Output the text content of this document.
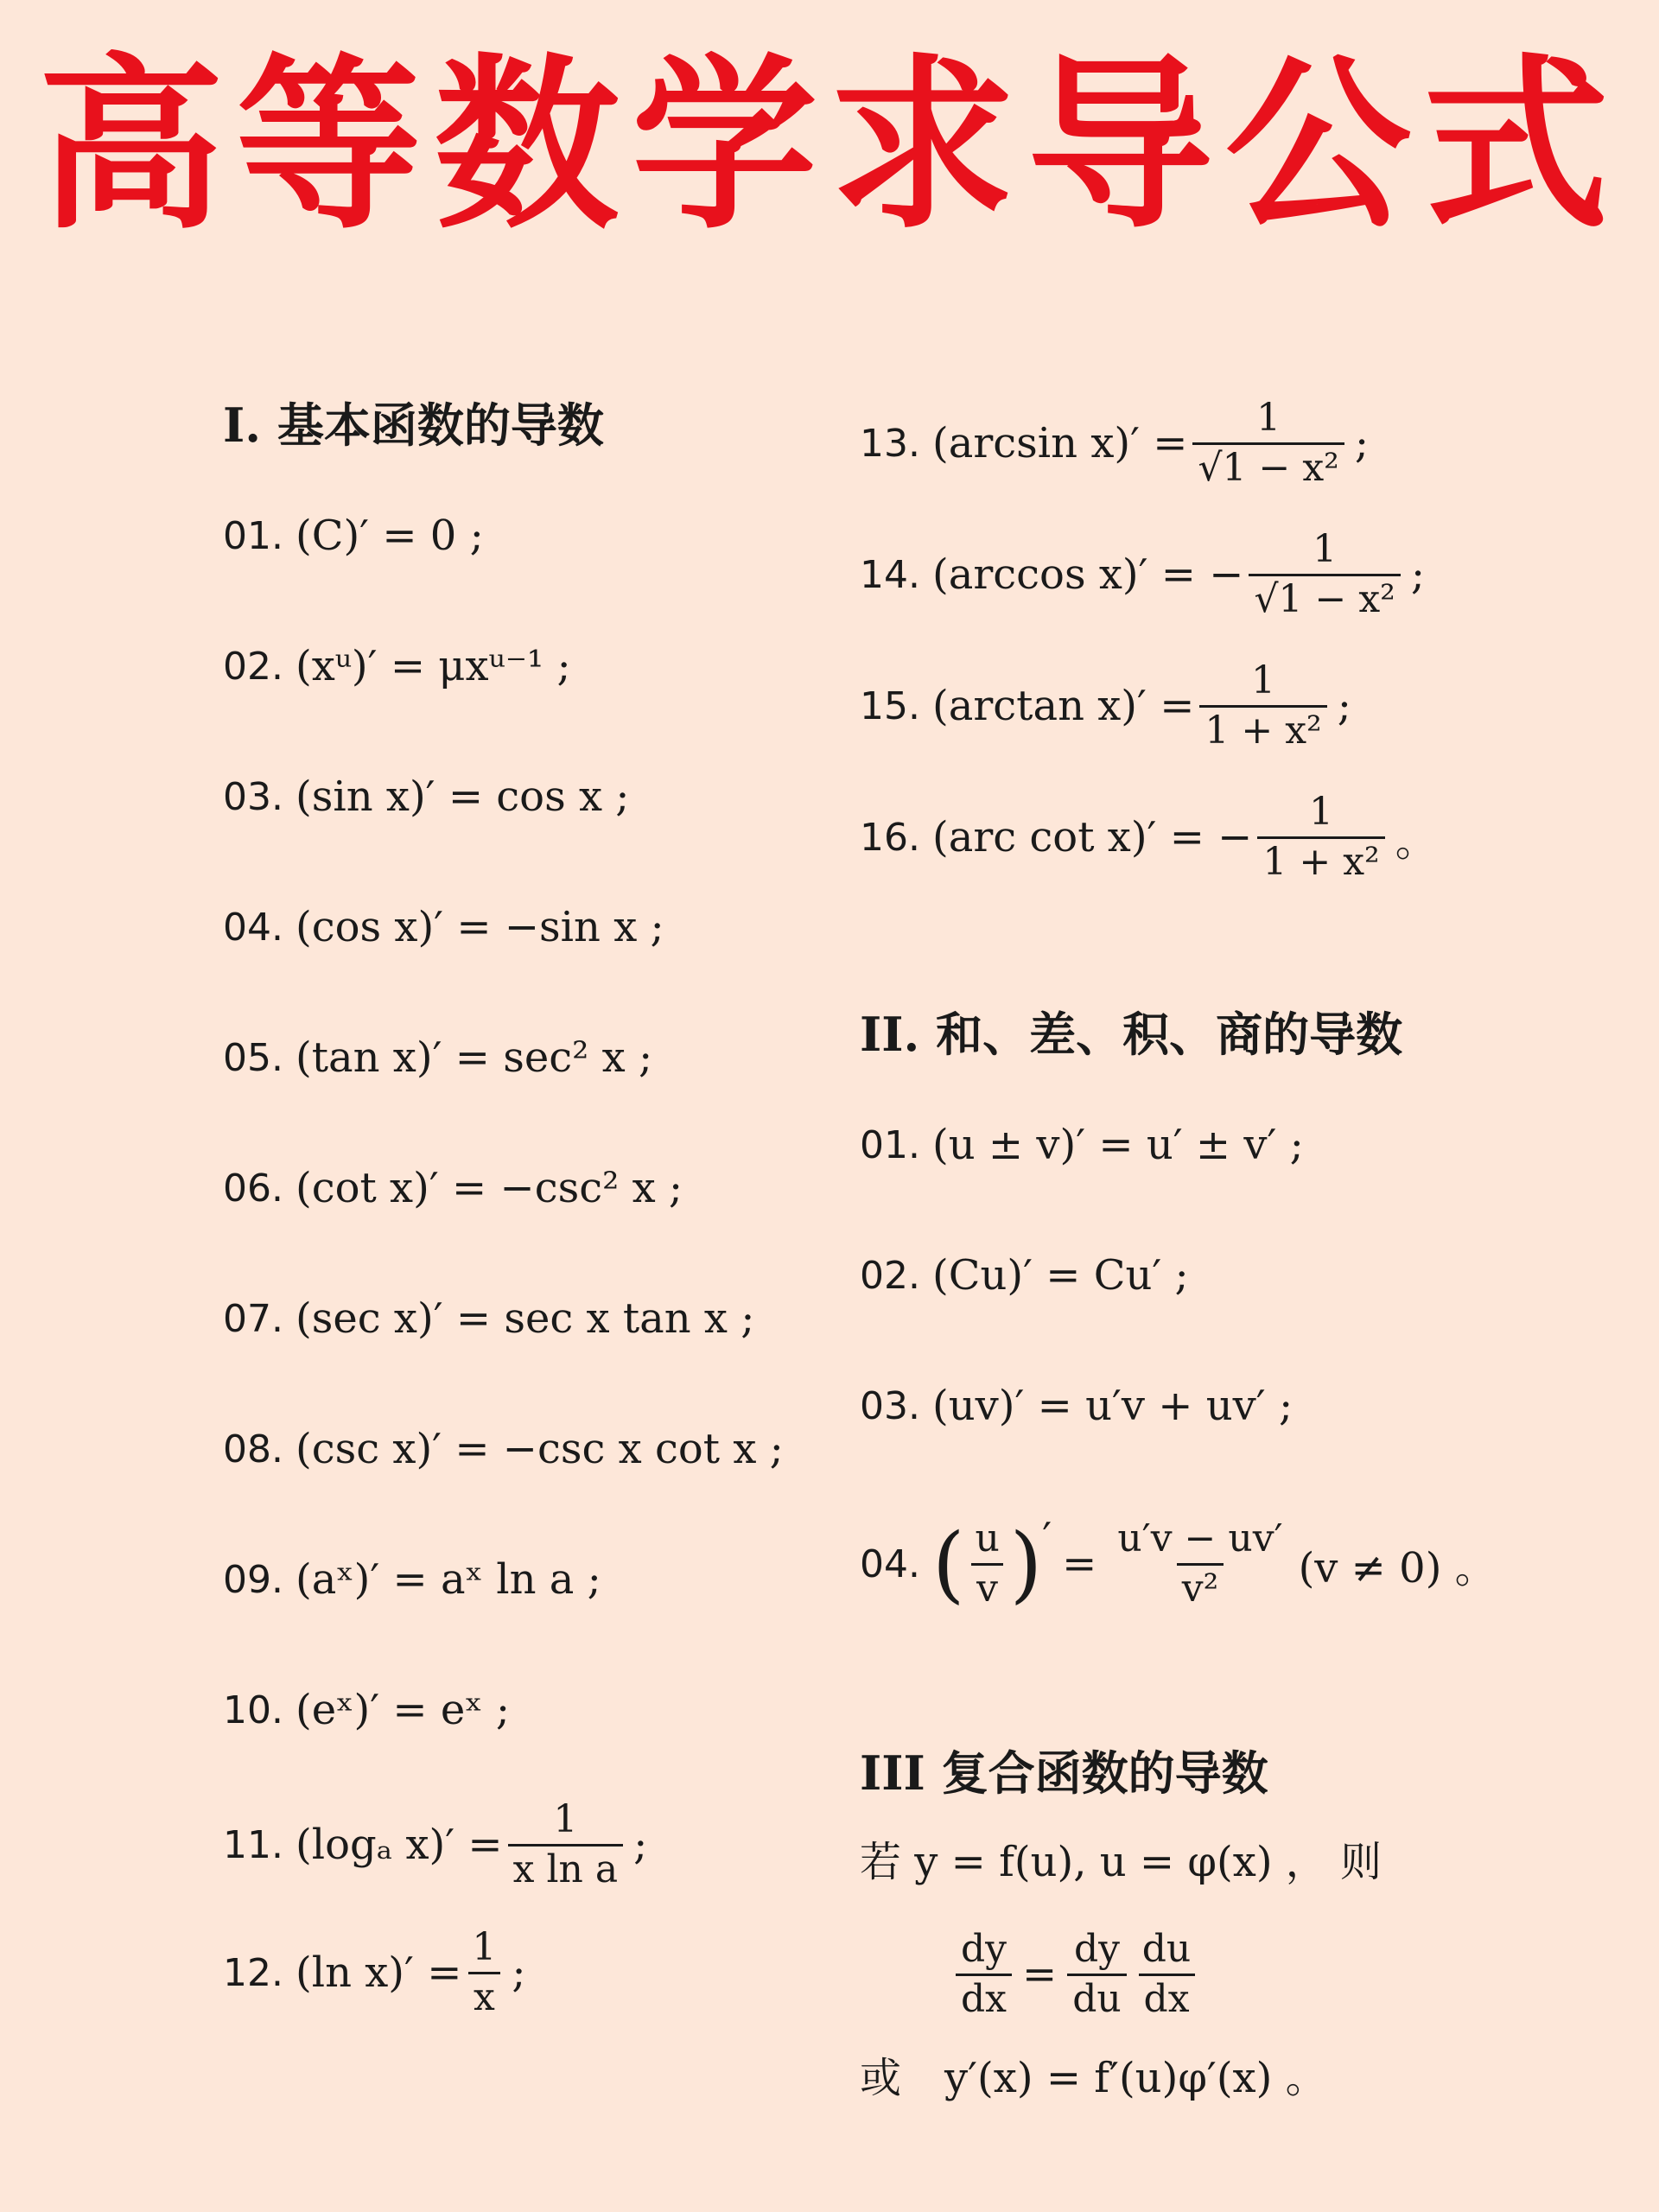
高等数学求导公式
I. 基本函数的导数
01. (C)′ = 0 ;
02. (xᵘ)′ = μxᵘ⁻¹ ;
03. (sin x)′ = cos x ;
04. (cos x)′ = −sin x ;
05. (tan x)′ = sec² x ;
06. (cot x)′ = −csc² x ;
07. (sec x)′ = sec x tan x ;
08. (csc x)′ = −csc x cot x ;
09. (aˣ)′ = aˣ ln a ;
10. (eˣ)′ = eˣ ;
11. (logₐ $x)' = \frac{1}{\text{x ln a}}$ ;
12. (ln $x)' = \frac{1}{x}$ ;
13. (arcsin $x)' = \frac{1}{\text{√1 − x²}}$ ;
14. (arccos x)′ = − $\frac{1}{\text{√1 − x²}}$ ;
15. (arctan $x)' = \frac{1}{\text{1 + x²}}$ ;
16. (arc cot x)′ = − $\frac{1}{\text{1 + x²}}$ 。
II. 和、差、积、商的导数
01. (u ± v)′ = u′ ± v′ ;
02. (Cu)′ = Cu′ ;
03. (uv)′ = u′v + uv′ ;
04. ( $\frac{u}{v}$ ) ′
= $\frac{u'v - uv'}{\text{v²}} (v \ne 0)$ 。
III 复合函数的导数
若 y = f(u), u = φ(x) ， 则
$\frac{dy}{dx} = \frac{dy}{du} \frac{du}{dx}$
或 y′(x) = f′(u)φ′(x) 。
